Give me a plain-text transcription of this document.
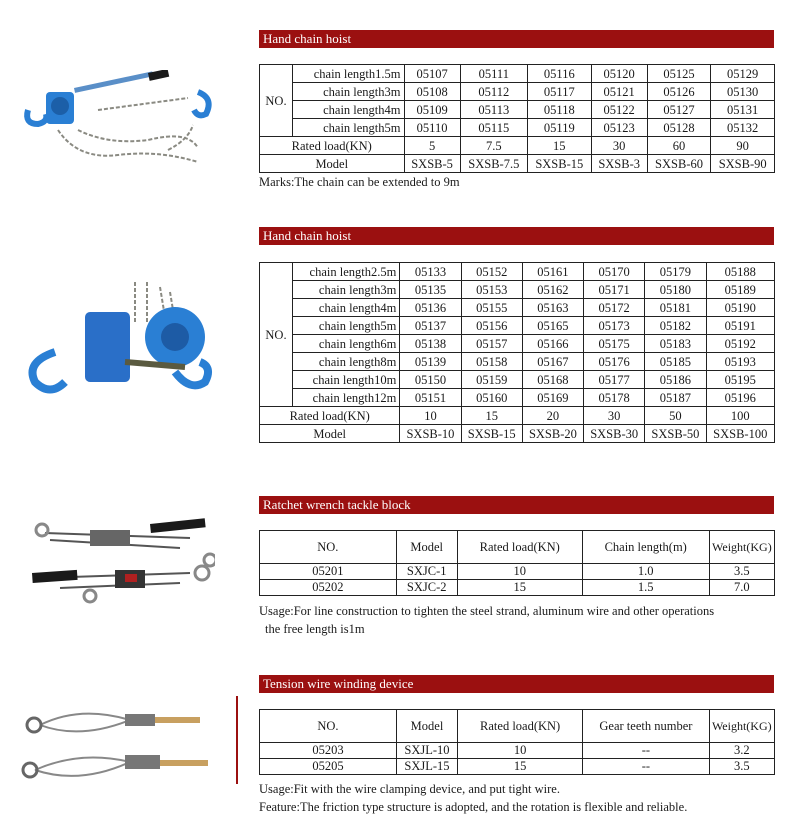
Hand chain hoist
NO.	chain length1.5m	05107	05111	05116	05120	05125	05129
	chain length3m	05108	05112	05117	05121	05126	05130
	chain length4m	05109	05113	05118	05122	05127	05131
	chain length5m	05110	05115	05119	05123	05128	05132
Rated load(KN)		5	7.5	15	30	60	90
Model		SXSB-5	SXSB-7.5	SXSB-15	SXSB-3	SXSB-60	SXSB-90
Marks:The chain can be extended to 9m
Hand chain hoist
NO.	chain length2.5m	05133	05152	05161	05170	05179	05188
	chain length3m	05135	05153	05162	05171	05180	05189
	chain length4m	05136	05155	05163	05172	05181	05190
	chain length5m	05137	05156	05165	05173	05182	05191
	chain length6m	05138	05157	05166	05175	05183	05192
	chain length8m	05139	05158	05167	05176	05185	05193
	chain length10m	05150	05159	05168	05177	05186	05195
	chain length12m	05151	05160	05169	05178	05187	05196
Rated load(KN)		10	15	20	30	50	100
Model		SXSB-10	SXSB-15	SXSB-20	SXSB-30	SXSB-50	SXSB-100
Ratchet wrench tackle block
NO.	Model	Rated load(KN)	Chain length(m)	Weight(KG)
05201	SXJC-1	10	1.0	3.5
05202	SXJC-2	15	1.5	7.0
Usage:For line construction to tighten the steel strand, aluminum wire and other operations
the free length is1m
Tension wire winding device
NO.	Model	Rated load(KN)	Gear teeth number	Weight(KG)
05203	SXJL-10	10	--	3.2
05205	SXJL-15	15	--	3.5
Usage:Fit with the wire clamping device, and put tight wire.
Feature:The friction type structure is adopted, and the rotation is flexible and reliable.
